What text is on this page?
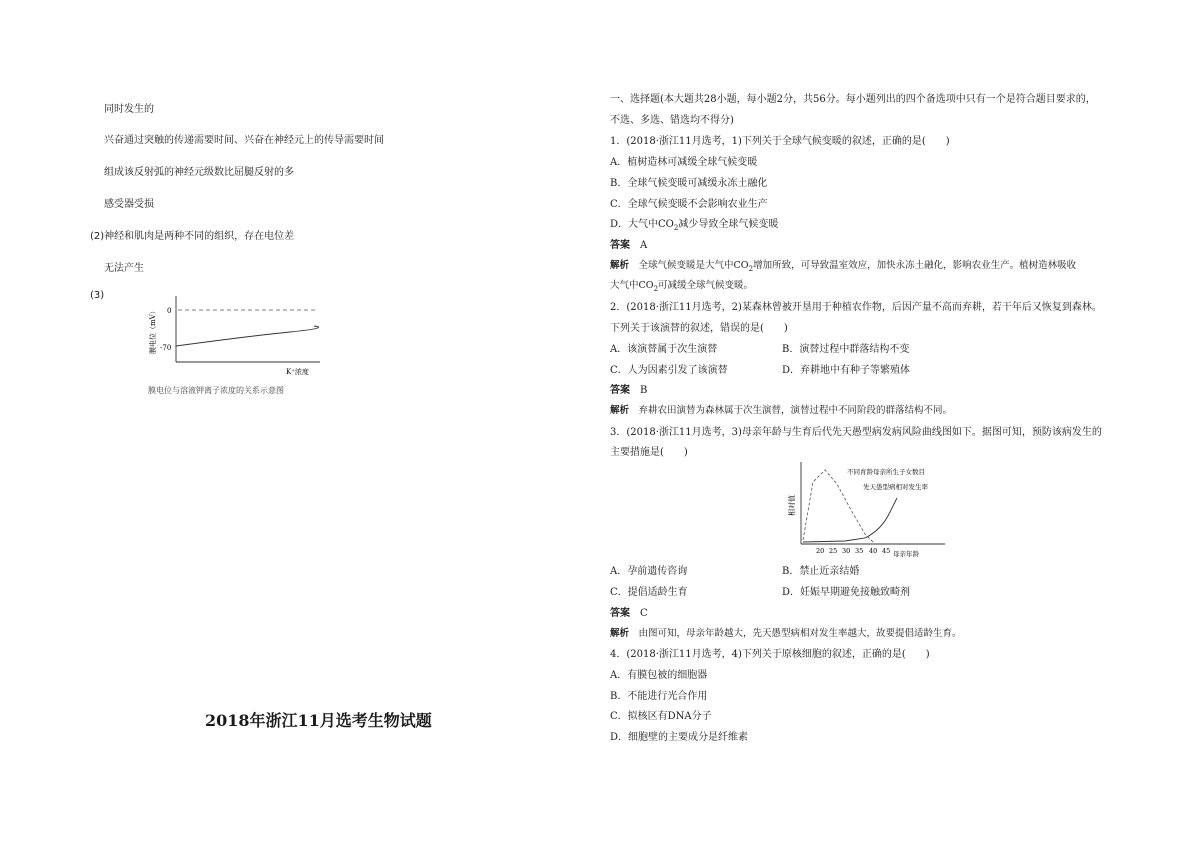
同时发生的
兴奋通过突触的传递需要时间、兴奋在神经元上的传导需要时间
组成该反射弧的神经元级数比屈腿反射的多
感受器受损
(2)神经和肌肉是两种不同的组织，存在电位差
无法产生
(3)
0
-70
膜电位（mV）
K⁺浓度
膜电位与溶液钾离子浓度的关系示意图
2018年浙江11月选考生物试题
一、选择题(本大题共28小题，每小题2分，共56分。每小题列出的四个备选项中只有一个是符合题目要求的，
不选、多选、错选均不得分)
1．(2018·浙江11月选考，1)下列关于全球气候变暖的叙述，正确的是(　　)
A．植树造林可减缓全球气候变暖
B．全球气候变暖可减缓永冻土融化
C．全球气候变暖不会影响农业生产
D．大气中$CO_2$减少导致全球气候变暖
答案　 A
解析　 全球气候变暖是大气中$CO_2$增加所致，可导致温室效应，加快永冻土融化，影响农业生产。植树造林吸收
大气中$CO_2$可减缓全球气候变暖。
2．(2018·浙江11月选考，2)某森林曾被开垦用于种植农作物，后因产量不高而弃耕，若干年后又恢复到森林。
下列关于该演替的叙述，错误的是(　　)
A．该演替属于次生演替	B．演替过程中群落结构不变
C．人为因素引发了该演替	D．弃耕地中有种子等繁殖体
答案　 B
解析　 弃耕农田演替为森林属于次生演替，演替过程中不同阶段的群落结构不同。
3．(2018·浙江11月选考，3)母亲年龄与生育后代先天愚型病发病风险曲线图如下。据图可知，预防该病发生的
主要措施是(　　)
相对值
不同育龄母亲所生子女数目
先天愚型病相对发生率
20 25 30 35 40 45 母亲年龄
A．孕前遗传咨询	B．禁止近亲结婚
C．提倡适龄生育	D．妊娠早期避免接触致畸剂
答案　 C
解析　 由图可知，母亲年龄越大，先天愚型病相对发生率越大，故要提倡适龄生育。
4．(2018·浙江11月选考，4)下列关于原核细胞的叙述，正确的是(　　)
A．有膜包被的细胞器
B．不能进行光合作用
C．拟核区有DNA分子
D．细胞壁的主要成分是纤维素
